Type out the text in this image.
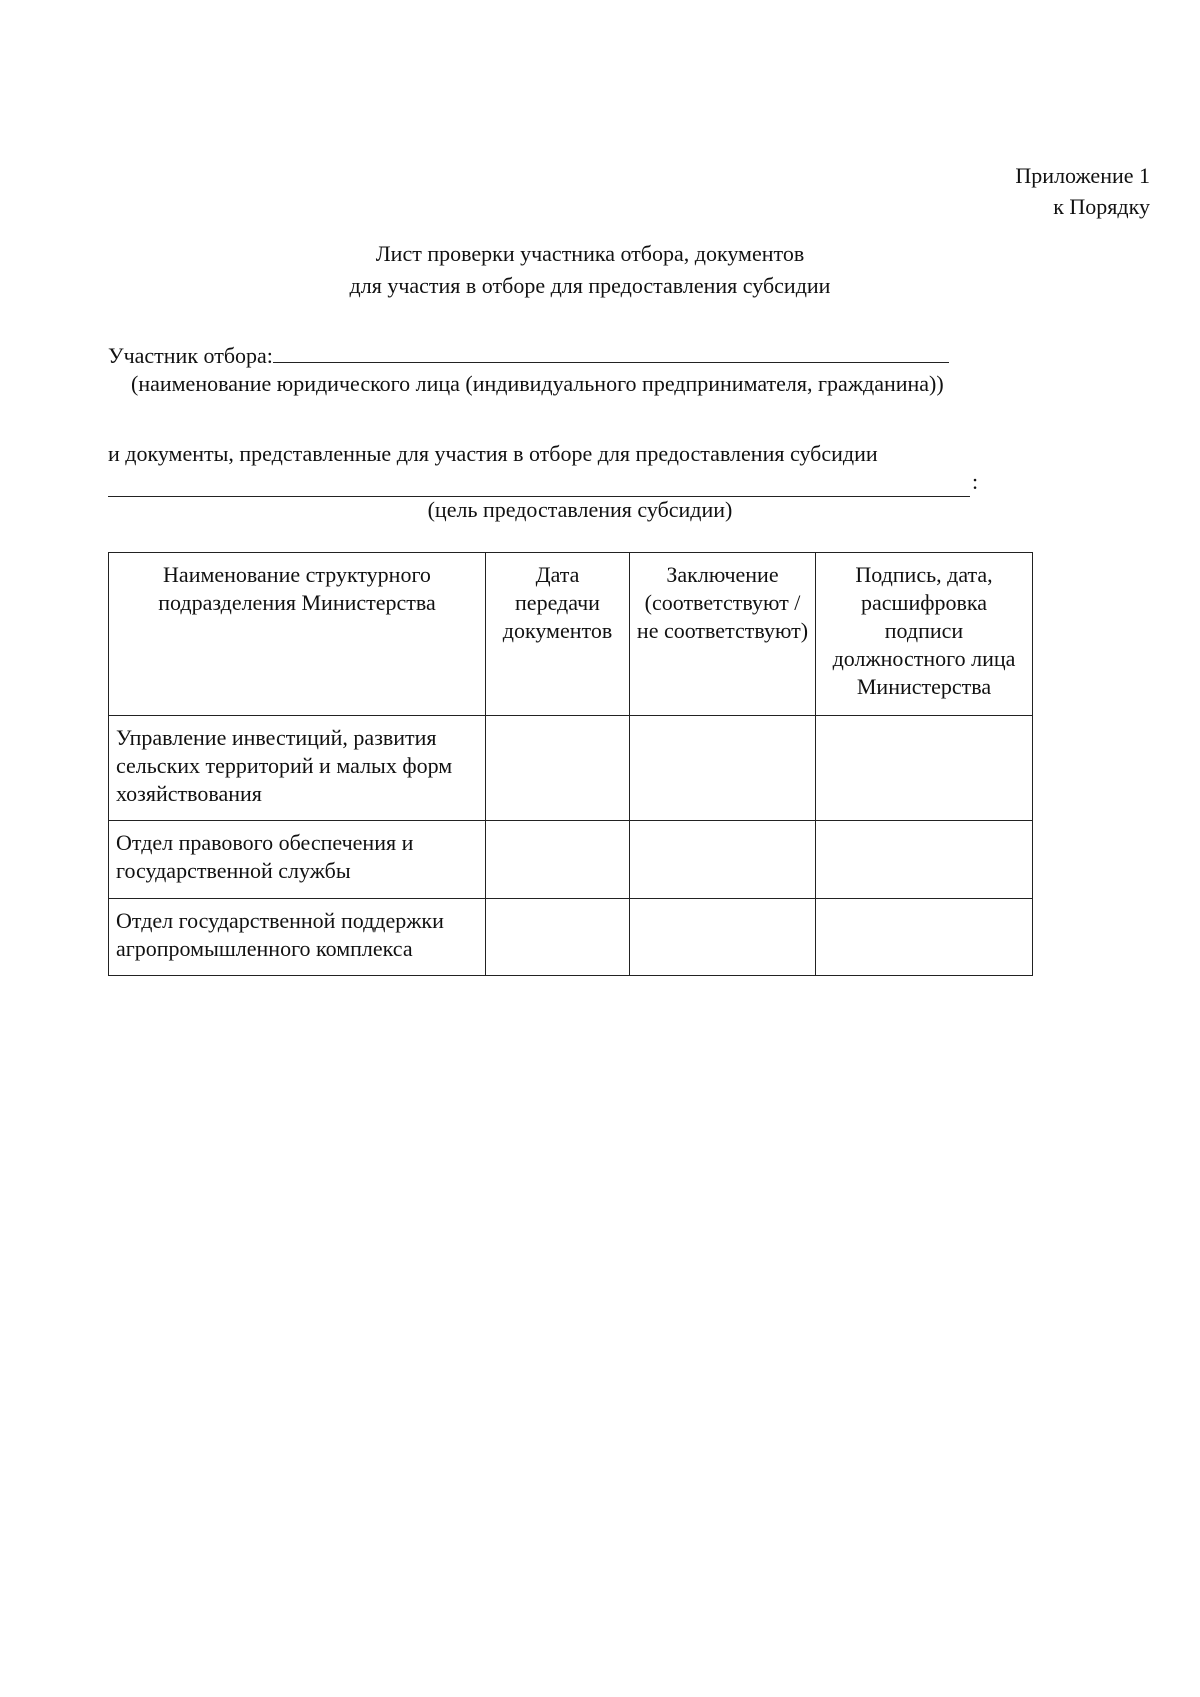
Приложение 1
к Порядку
Лист проверки участника отбора, документов
для участия в отборе для предоставления субсидии
Участник отбора:
(наименование юридического лица (индивидуального предпринимателя, гражданина))
и документы, представленные для участия в отборе для предоставления субсидии
:
(цель предоставления субсидии)
Наименование структурного подразделения Министерства	Дата передачи документов	Заключение (соответствуют / не соответствуют)	Подпись, дата, расшифровка подписи должностного лица Министерства
Управление инвестиций, развития сельских территорий и малых форм хозяйствования			
Отдел правового обеспечения и государственной службы			
Отдел государственной поддержки агропромышленного комплекса			
